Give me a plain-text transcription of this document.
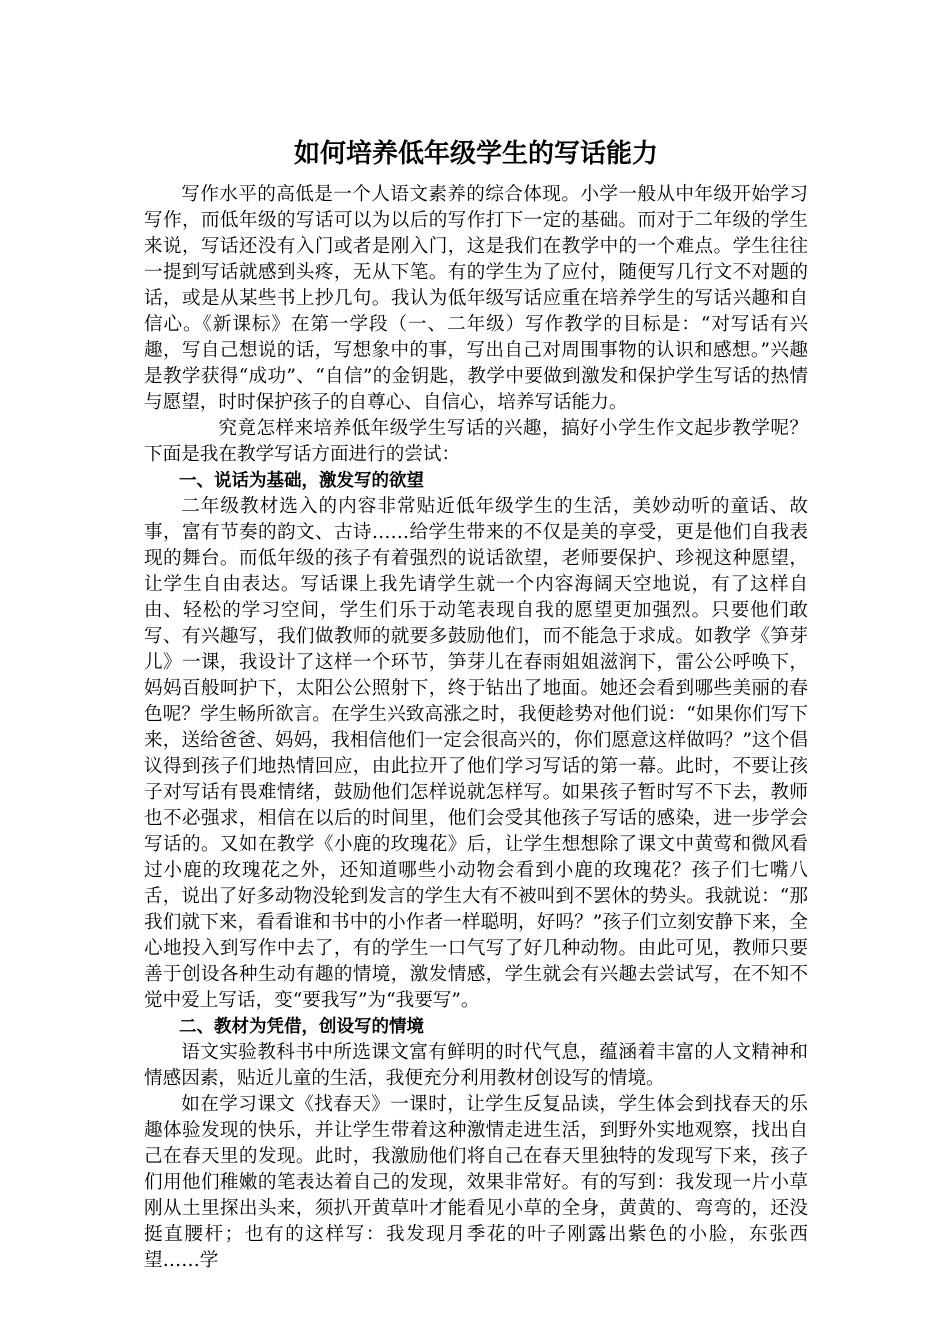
如何培养低年级学生的写话能力

写作水平的高低是一个人语文素养的综合体现。小学一般从中年级开始学习写作，而低年级的写话可以为以后的写作打下一定的基础。而对于二年级的学生来说，写话还没有入门或者是刚入门，这是我们在教学中的一个难点。学生往往一提到写话就感到头疼，无从下笔。有的学生为了应付，随便写几行文不对题的话，或是从某些书上抄几句。我认为低年级写话应重在培养学生的写话兴趣和自信心。《新课标》在第一学段（一、二年级）写作教学的目标是：“对写话有兴趣，写自己想说的话，写想象中的事，写出自己对周围事物的认识和感想。”兴趣是教学获得“成功”、“自信”的金钥匙，教学中要做到激发和保护学生写话的热情与愿望，时时保护孩子的自尊心、自信心，培养写话能力。

究竟怎样来培养低年级学生写话的兴趣，搞好小学生作文起步教学呢？下面是我在教学写话方面进行的尝试：

一、说话为基础，激发写的欲望

二年级教材选入的内容非常贴近低年级学生的生活，美妙动听的童话、故事，富有节奏的韵文、古诗……给学生带来的不仅是美的享受，更是他们自我表现的舞台。而低年级的孩子有着强烈的说话欲望，老师要保护、珍视这种愿望，让学生自由表达。写话课上我先请学生就一个内容海阔天空地说，有了这样自由、轻松的学习空间，学生们乐于动笔表现自我的愿望更加强烈。只要他们敢写、有兴趣写，我们做教师的就要多鼓励他们，而不能急于求成。如教学《笋芽儿》一课，我设计了这样一个环节，笋芽儿在春雨姐姐滋润下，雷公公呼唤下，妈妈百般呵护下，太阳公公照射下，终于钻出了地面。她还会看到哪些美丽的春色呢？学生畅所欲言。在学生兴致高涨之时，我便趁势对他们说：“如果你们写下来，送给爸爸、妈妈，我相信他们一定会很高兴的，你们愿意这样做吗？”这个倡议得到孩子们地热情回应，由此拉开了他们学习写话的第一幕。此时，不要让孩子对写话有畏难情绪，鼓励他们怎样说就怎样写。如果孩子暂时写不下去，教师也不必强求，相信在以后的时间里，他们会受其他孩子写话的感染，进一步学会写话的。又如在教学《小鹿的玫瑰花》后，让学生想想除了课文中黄莺和微风看过小鹿的玫瑰花之外，还知道哪些小动物会看到小鹿的玫瑰花？孩子们七嘴八舌，说出了好多动物没轮到发言的学生大有不被叫到不罢休的势头。我就说：“那我们就下来，看看谁和书中的小作者一样聪明，好吗？”孩子们立刻安静下来，全心地投入到写作中去了，有的学生一口气写了好几种动物。由此可见，教师只要善于创设各种生动有趣的情境，激发情感，学生就会有兴趣去尝试写，在不知不觉中爱上写话，变“要我写”为“我要写”。

二、教材为凭借，创设写的情境

语文实验教科书中所选课文富有鲜明的时代气息，蕴涵着丰富的人文精神和情感因素，贴近儿童的生活，我便充分利用教材创设写的情境。

如在学习课文《找春天》一课时，让学生反复品读，学生体会到找春天的乐趣体验发现的快乐，并让学生带着这种激情走进生活，到野外实地观察，找出自己在春天里的发现。此时，我激励他们将自己在春天里独特的发现写下来，孩子们用他们稚嫩的笔表达着自己的发现，效果非常好。有的写到：我发现一片小草刚从土里探出头来，须扒开黄草叶才能看见小草的全身，黄黄的、弯弯的，还没挺直腰杆；也有的这样写：我发现月季花的叶子刚露出紫色的小脸，东张西望……学
